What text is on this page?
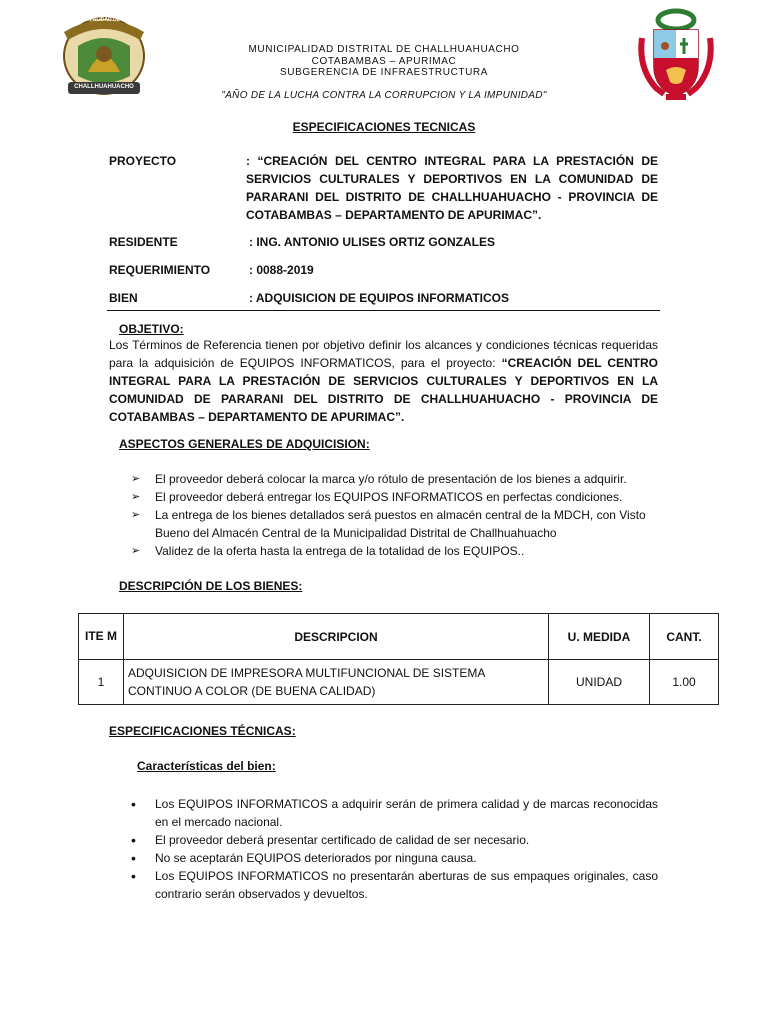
MUNICIPALIDAD DE CHALLHUAHUACHO
CHALLHUAHUACHO
MUNICIPALIDAD DISTRITAL DE CHALLHUAHUACHO
COTABAMBAS – APURIMAC
SUBGERENCIA DE INFRAESTRUCTURA
"AÑO DE LA LUCHA CONTRA LA CORRUPCION Y LA IMPUNIDAD"
ESPECIFICACIONES TECNICAS
PROYECTO	: “CREACIÓN DEL CENTRO INTEGRAL PARA LA PRESTACIÓN DE SERVICIOS CULTURALES Y DEPORTIVOS EN LA COMUNIDAD DE PARARANI DEL DISTRITO DE CHALLHUAHUACHO - PROVINCIA DE COTABAMBAS – DEPARTAMENTO DE APURIMAC”.
RESIDENTE	: ING. ANTONIO ULISES ORTIZ GONZALES
REQUERIMIENTO	: 0088-2019
BIEN	: ADQUISICION DE EQUIPOS INFORMATICOS
OBJETIVO:
Los Términos de Referencia tienen por objetivo definir los alcances y condiciones técnicas requeridas para la adquisición de EQUIPOS INFORMATICOS, para el proyecto: “CREACIÓN DEL CENTRO INTEGRAL PARA LA PRESTACIÓN DE SERVICIOS CULTURALES Y DEPORTIVOS EN LA COMUNIDAD DE PARARANI DEL DISTRITO DE CHALLHUAHUACHO - PROVINCIA DE COTABAMBAS – DEPARTAMENTO DE APURIMAC”.
ASPECTOS GENERALES DE ADQUICISION:
➢ El proveedor deberá colocar la marca y/o rótulo de presentación de los bienes a adquirir.
➢ El proveedor deberá entregar los EQUIPOS INFORMATICOS en perfectas condiciones.
➢ La entrega de los bienes detallados será puestos en almacén central de la MDCH, con Visto Bueno del Almacén Central de la Municipalidad Distrital de Challhuahuacho
➢ Validez de la oferta hasta la entrega de la totalidad de los EQUIPOS..
DESCRIPCIÓN DE LOS BIENES:
ITE M	DESCRIPCION	U. MEDIDA	CANT.
1	ADQUISICION DE IMPRESORA MULTIFUNCIONAL DE SISTEMA CONTINUO A COLOR (DE BUENA CALIDAD)	UNIDAD	1.00
ESPECIFICACIONES TÉCNICAS:
Características del bien:
• Los EQUIPOS INFORMATICOS a adquirir serán de primera calidad y de marcas reconocidas en el mercado nacional.
• El proveedor deberá presentar certificado de calidad de ser necesario.
• No se aceptarán EQUIPOS deteriorados por ninguna causa.
• Los EQUIPOS INFORMATICOS no presentarán aberturas de sus empaques originales, caso contrario serán observados y devueltos.
